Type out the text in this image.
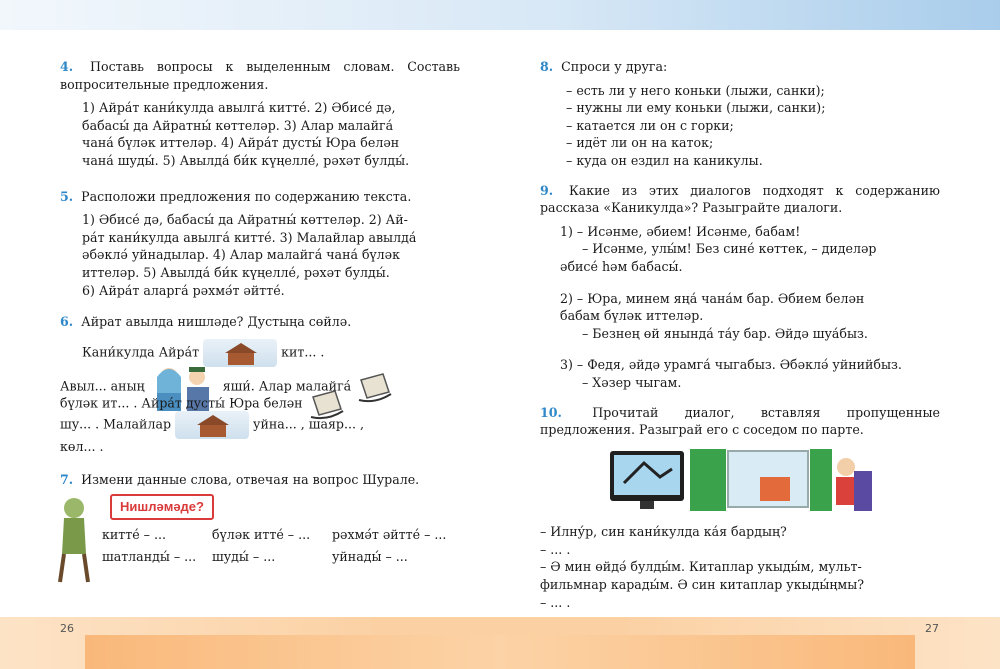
26	27
4. Поставь вопросы к выделенным словам. Составь вопросительные предложения.
1) Айра́т кани́кулда авылга́ китте́. 2) Әбисе́ дә,
бабасы́ да Айратны́ көттеләр. 3) Алар малайга́
чана́ бүләк иттеләр. 4) Айра́т дусты́ Юра белән
чана́ шуды́. 5) Авылда́ би́к күңелле́, рәхәт булды́.
5. Расположи предложения по содержанию текста.
1) Әбисе́ дә, бабасы́ да Айратны́ көттеләр. 2) Ай-
ра́т кани́кулда авылга́ китте́. 3) Малайлар авылда́
әбәклә́ уйнадылар. 4) Алар малайга́ чана́ бүләк
иттеләр. 5) Авылда́ би́к күңелле́, рәхәт булды́.
6) Айра́т аларга́ рәхмә́т әйтте́.
6. Айрат авылда нишләде? Дустыңа сөйлә.
Кани́кулда Айра́т	кит... .
Авыл... аның	яши́. Алар малайга́
бүләк ит... . Айра́т дусты́ Юра белән
шу... . Малайлар	уйна... , шаяр... ,
көл... .
7. Измени данные слова, отвечая на вопрос Шурале.
Нишләмәде?
китте́ – ...	бүләк итте́ – ...	рәхмә́т әйтте́ – ...
шатланды́ – ...	шуды́ – ...	уйнады́ – ...
8. Спроси у друга:
– есть ли у него коньки (лыжи, санки);
– нужны ли ему коньки (лыжи, санки);
– катается ли он с горки;
– идёт ли он на каток;
– куда он ездил на каникулы.
9. Какие из этих диалогов подходят к содержанию рассказа «Каникулда»? Разыграйте диалоги.
1) – Исәнме, әбием! Исәнме, бабам!
– Исәнме, улы́м! Без сине́ көттек, – диделәр
әбисе́ һәм бабасы́.
2) – Юра, минем яңа́ чана́м бар. Әбием белән
бабам бүләк иттеләр.
– Безнең өй янында́ та́у бар. Әйдә шуа́быз.
3) – Федя, әйдә урамга́ чыгабыз. Әбәклә́ уйнийбыз.
– Хәзер чыгам.
10. Прочитай диалог, вставляя пропущенные предложения. Разыграй его с соседом по парте.
– Илну́р, син кани́кулда ка́я бардың?
– ... .
– Ә мин өйдә́ булды́м. Китаплар укыды́м, мульт-
фильмнар карады́м. Ә син китаплар укыды́ңмы?
– ... .
